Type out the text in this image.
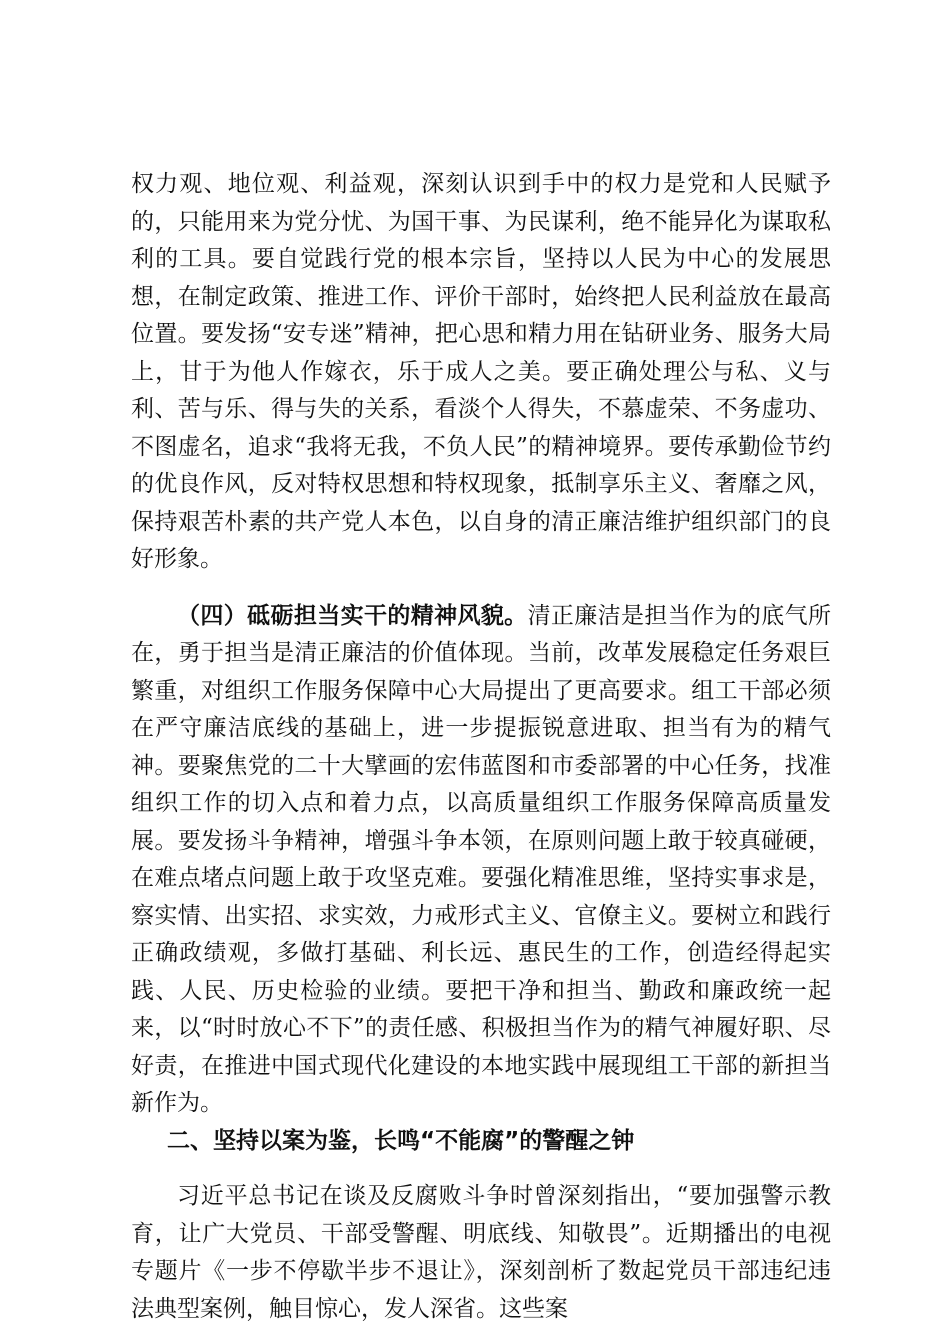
权力观、地位观、利益观，深刻认识到手中的权力是党和人民赋予的，只能用来为党分忧、为国干事、为民谋利，绝不能异化为谋取私利的工具。要自觉践行党的根本宗旨，坚持以人民为中心的发展思想，在制定政策、推进工作、评价干部时，始终把人民利益放在最高位置。要发扬“安专迷”精神，把心思和精力用在钻研业务、服务大局上，甘于为他人作嫁衣，乐于成人之美。要正确处理公与私、义与利、苦与乐、得与失的关系，看淡个人得失，不慕虚荣、不务虚功、不图虚名，追求“我将无我，不负人民”的精神境界。要传承勤俭节约的优良作风，反对特权思想和特权现象，抵制享乐主义、奢靡之风，保持艰苦朴素的共产党人本色，以自身的清正廉洁维护组织部门的良好形象。

（四）砥砺担当实干的精神风貌。清正廉洁是担当作为的底气所在，勇于担当是清正廉洁的价值体现。当前，改革发展稳定任务艰巨繁重，对组织工作服务保障中心大局提出了更高要求。组工干部必须在严守廉洁底线的基础上，进一步提振锐意进取、担当有为的精气神。要聚焦党的二十大擘画的宏伟蓝图和市委部署的中心任务，找准组织工作的切入点和着力点，以高质量组织工作服务保障高质量发展。要发扬斗争精神，增强斗争本领，在原则问题上敢于较真碰硬，在难点堵点问题上敢于攻坚克难。要强化精准思维，坚持实事求是，察实情、出实招、求实效，力戒形式主义、官僚主义。要树立和践行正确政绩观，多做打基础、利长远、惠民生的工作，创造经得起实践、人民、历史检验的业绩。要把干净和担当、勤政和廉政统一起来，以“时时放心不下”的责任感、积极担当作为的精气神履好职、尽好责，在推进中国式现代化建设的本地实践中展现组工干部的新担当新作为。

二、坚持以案为鉴，长鸣“不能腐”的警醒之钟

习近平总书记在谈及反腐败斗争时曾深刻指出，“要加强警示教育，让广大党员、干部受警醒、明底线、知敬畏”。近期播出的电视专题片《一步不停歇半步不退让》，深刻剖析了数起党员干部违纪违法典型案例，触目惊心，发人深省。这些案
